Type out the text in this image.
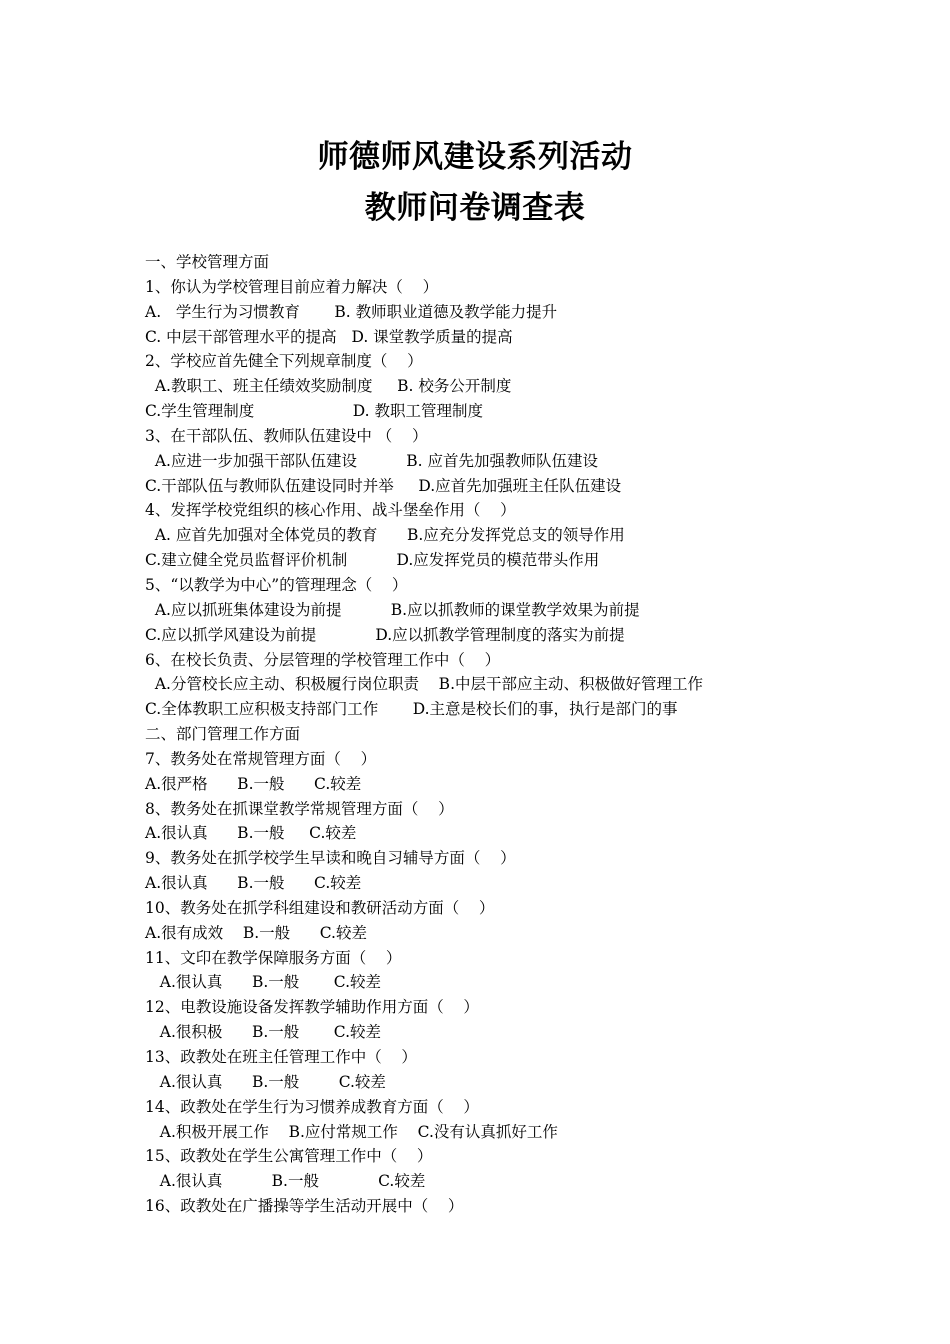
师德师风建设系列活动
教师问卷调查表
一、学校管理方面
1、你认为学校管理目前应着力解决（    ）
A.   学生行为习惯教育       B. 教师职业道德及教学能力提升
C. 中层干部管理水平的提高   D. 课堂教学质量的提高
2、学校应首先健全下列规章制度（    ）
A.教职工、班主任绩效奖励制度     B. 校务公开制度
C.学生管理制度                    D. 教职工管理制度
3、在干部队伍、教师队伍建设中 （    ）
A.应进一步加强干部队伍建设          B. 应首先加强教师队伍建设
C.干部队伍与教师队伍建设同时并举     D.应首先加强班主任队伍建设
4、发挥学校党组织的核心作用、战斗堡垒作用（    ）
A. 应首先加强对全体党员的教育      B.应充分发挥党总支的领导作用
C.建立健全党员监督评价机制          D.应发挥党员的模范带头作用
5、“以教学为中心”的管理理念（    ）
A.应以抓班集体建设为前提          B.应以抓教师的课堂教学效果为前提
C.应以抓学风建设为前提            D.应以抓教学管理制度的落实为前提
6、在校长负责、分层管理的学校管理工作中（    ）
A.分管校长应主动、积极履行岗位职责    B.中层干部应主动、积极做好管理工作
C.全体教职工应积极支持部门工作       D.主意是校长们的事，执行是部门的事
二、部门管理工作方面
7、教务处在常规管理方面（    ）
A.很严格      B.一般      C.较差
8、教务处在抓课堂教学常规管理方面（    ）
A.很认真      B.一般     C.较差
9、教务处在抓学校学生早读和晚自习辅导方面（    ）
A.很认真      B.一般      C.较差
10、教务处在抓学科组建设和教研活动方面（    ）
A.很有成效    B.一般      C.较差
11、文印在教学保障服务方面（    ）
A.很认真      B.一般       C.较差
12、电教设施设备发挥教学辅助作用方面（    ）
A.很积极      B.一般       C.较差
13、政教处在班主任管理工作中（    ）
A.很认真      B.一般        C.较差
14、政教处在学生行为习惯养成教育方面（    ）
A.积极开展工作    B.应付常规工作    C.没有认真抓好工作
15、政教处在学生公寓管理工作中（    ）
A.很认真          B.一般            C.较差
16、政教处在广播操等学生活动开展中（    ）
